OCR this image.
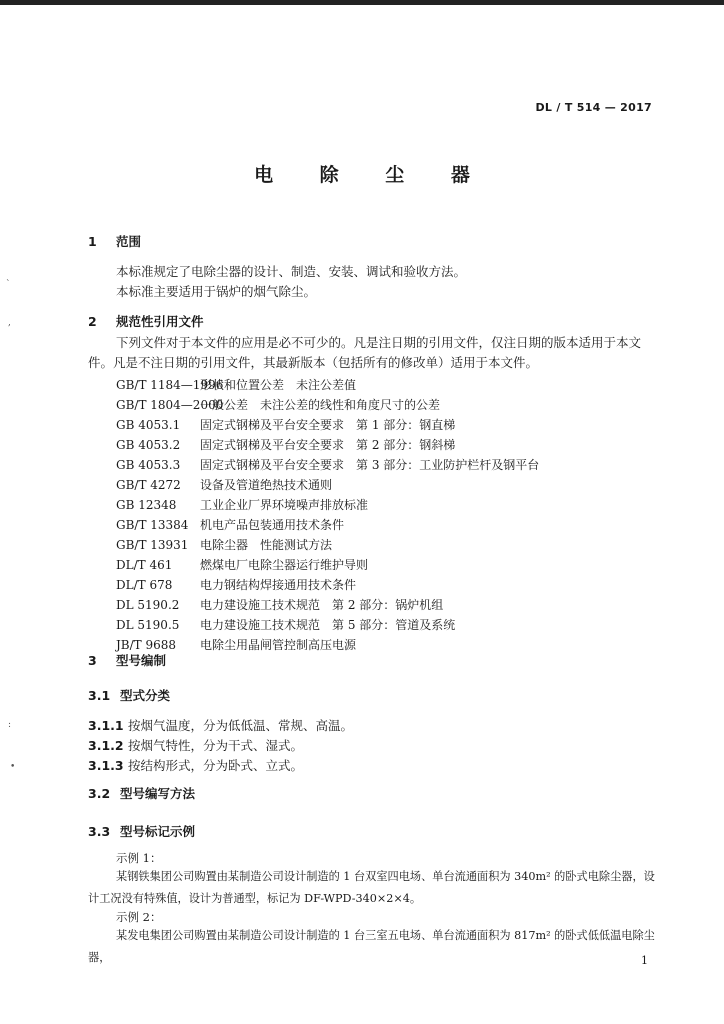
DL / T 514 — 2017
电 除 尘 器
1 范围
本标准规定了电除尘器的设计、制造、安装、调试和验收方法。
本标准主要适用于锅炉的烟气除尘。
2 规范性引用文件
下列文件对于本文件的应用是必不可少的。凡是注日期的引用文件，仅注日期的版本适用于本文件。凡是不注日期的引用文件，其最新版本（包括所有的修改单）适用于本文件。
GB/T 1184—1996形状和位置公差　未注公差值
GB/T 1804—2000一般公差　未注公差的线性和角度尺寸的公差
GB 4053.1 固定式钢梯及平台安全要求　第 1 部分：钢直梯
GB 4053.2 固定式钢梯及平台安全要求　第 2 部分：钢斜梯
GB 4053.3 固定式钢梯及平台安全要求　第 3 部分：工业防护栏杆及钢平台
GB/T 4272 设备及管道绝热技术通则
GB 12348 工业企业厂界环境噪声排放标准
GB/T 13384 机电产品包装通用技术条件
GB/T 13931 电除尘器　性能测试方法
DL/T 461 燃煤电厂电除尘器运行维护导则
DL/T 678 电力钢结构焊接通用技术条件
DL 5190.2 电力建设施工技术规范　第 2 部分：锅炉机组
DL 5190.5 电力建设施工技术规范　第 5 部分：管道及系统
JB/T 9688 电除尘用晶闸管控制高压电源
3 型号编制
3.1 型式分类
3.1.1 按烟气温度，分为低低温、常规、高温。
3.1.2 按烟气特性，分为干式、湿式。
3.1.3 按结构形式，分为卧式、立式。
3.2 型号编写方法
3.3 型号标记示例
示例 1：
某钢铁集团公司购置由某制造公司设计制造的 1 台双室四电场、单台流通面积为 340m² 的卧式电除尘器，设计工况没有特殊值，设计为普通型，标记为 DF-WPD-340×2×4。
示例 2：
某发电集团公司购置由某制造公司设计制造的 1 台三室五电场、单台流通面积为 817m² 的卧式低低温电除尘器，	1
`
,
:
•
